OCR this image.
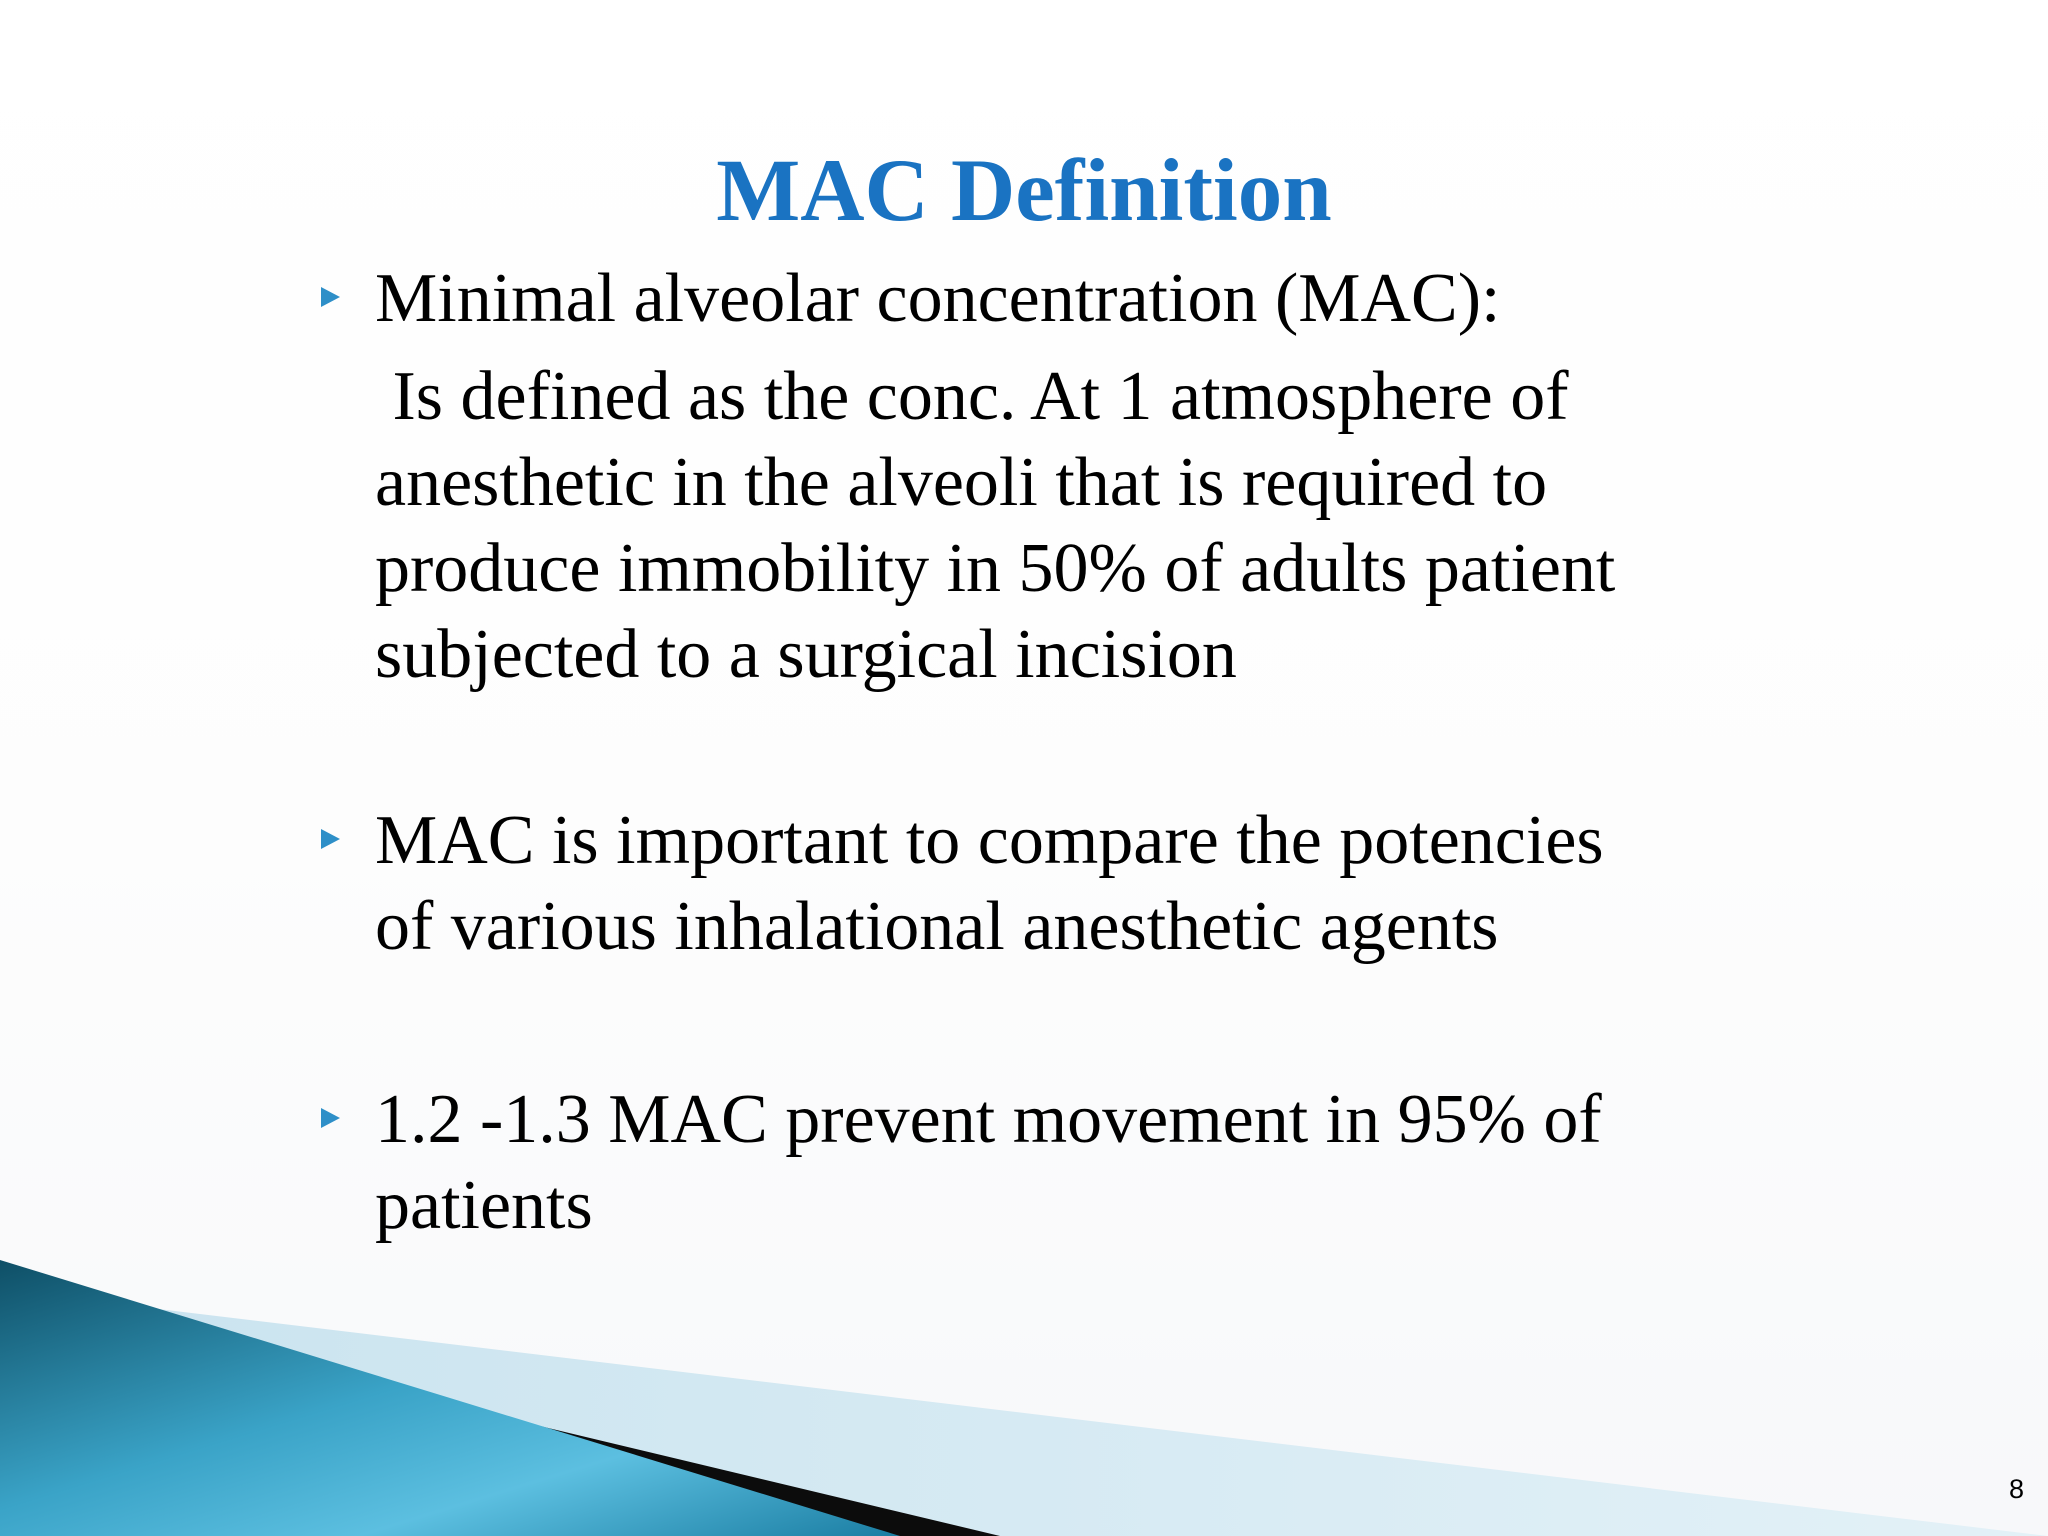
MAC Definition

Minimal alveolar concentration (MAC):
Is defined as the conc. At 1 atmosphere of
anesthetic in the alveoli that is required to
produce immobility in 50% of adults patient
subjected to a surgical incision

MAC is important to compare the potencies
of various inhalational anesthetic agents

1.2 -1.3 MAC prevent movement in 95% of
patients

8
